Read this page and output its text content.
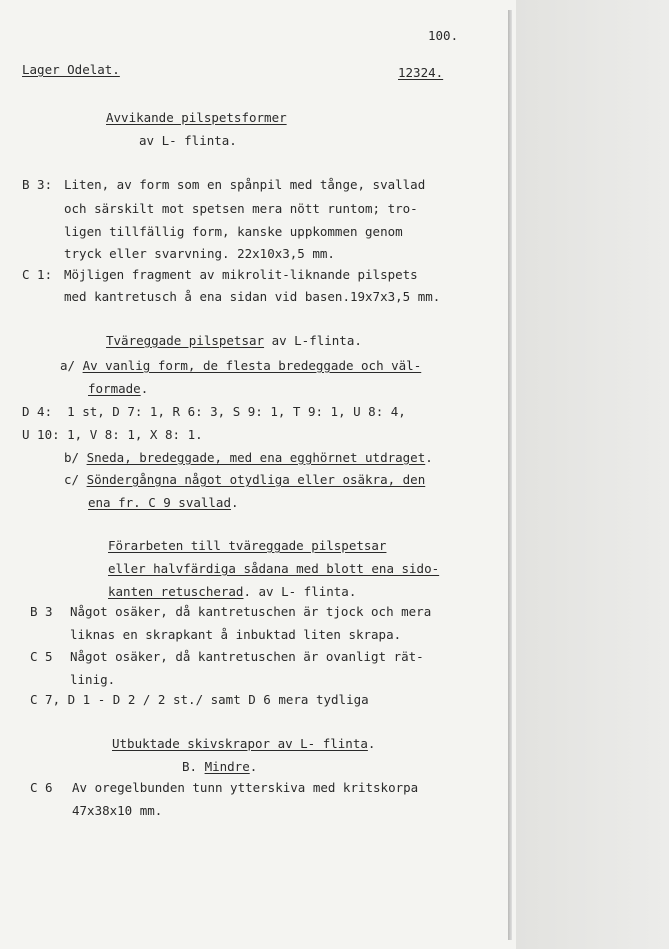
100.
Lager Odelat.	12324.
Avvikande pilspetsformer
av L- flinta.
B 3: Liten, av form som en spånpil med tånge, svallad
och särskilt mot spetsen mera nött runtom; tro-
ligen tillfällig form, kanske uppkommen genom
tryck eller svarvning. 22x10x3,5 mm.
C 1: Möjligen fragment av mikrolit-liknande pilspets
med kantretusch å ena sidan vid basen.19x7x3,5 mm.
Tväreggade pilspetsar av L-flinta.
a/ Av vanlig form, de flesta bredeggade och väl-
formade.
D 4:  1 st, D 7: 1, R 6: 3, S 9: 1, T 9: 1, U 8: 4,
U 10: 1, V 8: 1, X 8: 1.
b/ Sneda, bredeggade, med ena egghörnet utdraget.
c/ Söndergångna något otydliga eller osäkra, den
ena fr. C 9 svallad.
Förarbeten till tväreggade pilspetsar
eller halvfärdiga sådana med blott ena sido-
kanten retuscherad. av L- flinta.
B 3 Något osäker, då kantretuschen är tjock och mera
liknas en skrapkant å inbuktad liten skrapa.
C 5 Något osäker, då kantretuschen är ovanligt rät-
linig.
C 7, D 1 - D 2 / 2 st./ samt D 6 mera tydliga
Utbuktade skivskrapor av L- flinta.
B. Mindre.
C 6 Av oregelbunden tunn ytterskiva med kritskorpa
47x38x10 mm.
